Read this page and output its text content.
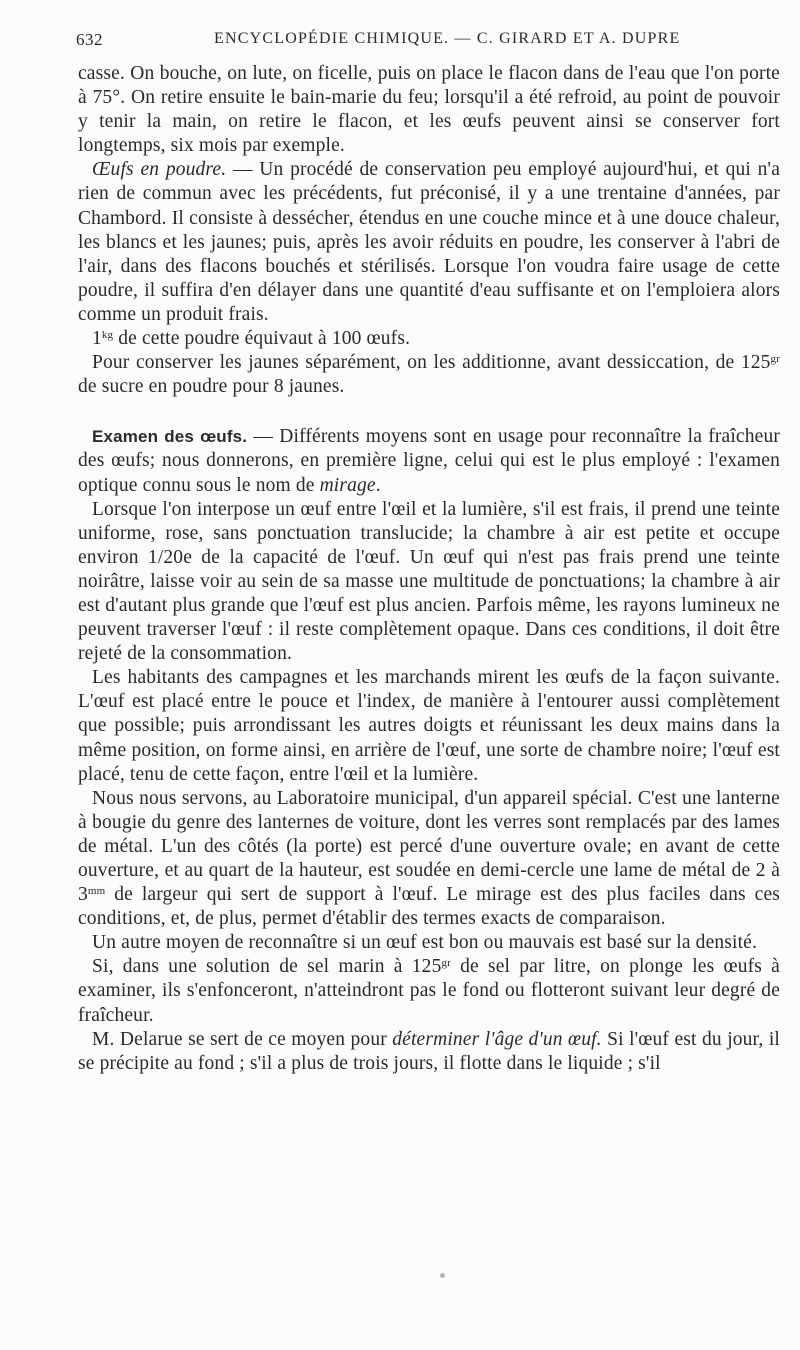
632	ENCYCLOPÉDIE CHIMIQUE. — C. GIRARD ET A. DUPRE

casse. On bouche, on lute, on ficelle, puis on place le flacon dans de l'eau que l'on porte à 75°. On retire ensuite le bain-marie du feu; lorsqu'il a été refroid, au point de pouvoir y tenir la main, on retire le flacon, et les œufs peuvent ainsi se conserver fort longtemps, six mois par exemple.

Œufs en poudre. — Un procédé de conservation peu employé aujourd'hui, et qui n'a rien de commun avec les précédents, fut préconisé, il y a une trentaine d'années, par Chambord. Il consiste à dessécher, étendus en une couche mince et à une douce chaleur, les blancs et les jaunes; puis, après les avoir réduits en poudre, les conserver à l'abri de l'air, dans des flacons bouchés et stérilisés. Lorsque l'on voudra faire usage de cette poudre, il suffira d'en délayer dans une quantité d'eau suffisante et on l'emploiera alors comme un produit frais.

$1^{kg}$ de cette poudre équivaut à 100 œufs.

Pour conserver les jaunes séparément, on les additionne, avant dessiccation, de $125^{gr}$ de sucre en poudre pour 8 jaunes.

Examen des œufs. — Différents moyens sont en usage pour reconnaître la fraîcheur des œufs; nous donnerons, en première ligne, celui qui est le plus employé : l'examen optique connu sous le nom de mirage.

Lorsque l'on interpose un œuf entre l'œil et la lumière, s'il est frais, il prend une teinte uniforme, rose, sans ponctuation translucide; la chambre à air est petite et occupe environ 1/20e de la capacité de l'œuf. Un œuf qui n'est pas frais prend une teinte noirâtre, laisse voir au sein de sa masse une multitude de ponctuations; la chambre à air est d'autant plus grande que l'œuf est plus ancien. Parfois même, les rayons lumineux ne peuvent traverser l'œuf : il reste complètement opaque. Dans ces conditions, il doit être rejeté de la consommation.

Les habitants des campagnes et les marchands mirent les œufs de la façon suivante. L'œuf est placé entre le pouce et l'index, de manière à l'entourer aussi complètement que possible; puis arrondissant les autres doigts et réunissant les deux mains dans la même position, on forme ainsi, en arrière de l'œuf, une sorte de chambre noire; l'œuf est placé, tenu de cette façon, entre l'œil et la lumière.

Nous nous servons, au Laboratoire municipal, d'un appareil spécial. C'est une lanterne à bougie du genre des lanternes de voiture, dont les verres sont remplacés par des lames de métal. L'un des côtés (la porte) est percé d'une ouverture ovale; en avant de cette ouverture, et au quart de la hauteur, est soudée en demi-cercle une lame de métal de 2 à $3^{mm}$ de largeur qui sert de support à l'œuf. Le mirage est des plus faciles dans ces conditions, et, de plus, permet d'établir des termes exacts de comparaison.

Un autre moyen de reconnaître si un œuf est bon ou mauvais est basé sur la densité.

Si, dans une solution de sel marin à $125^{gr}$ de sel par litre, on plonge les œufs à examiner, ils s'enfonceront, n'atteindront pas le fond ou flotteront suivant leur degré de fraîcheur.

M. Delarue se sert de ce moyen pour déterminer l'âge d'un œuf. Si l'œuf est du jour, il se précipite au fond ; s'il a plus de trois jours, il flotte dans le liquide ; s'il
